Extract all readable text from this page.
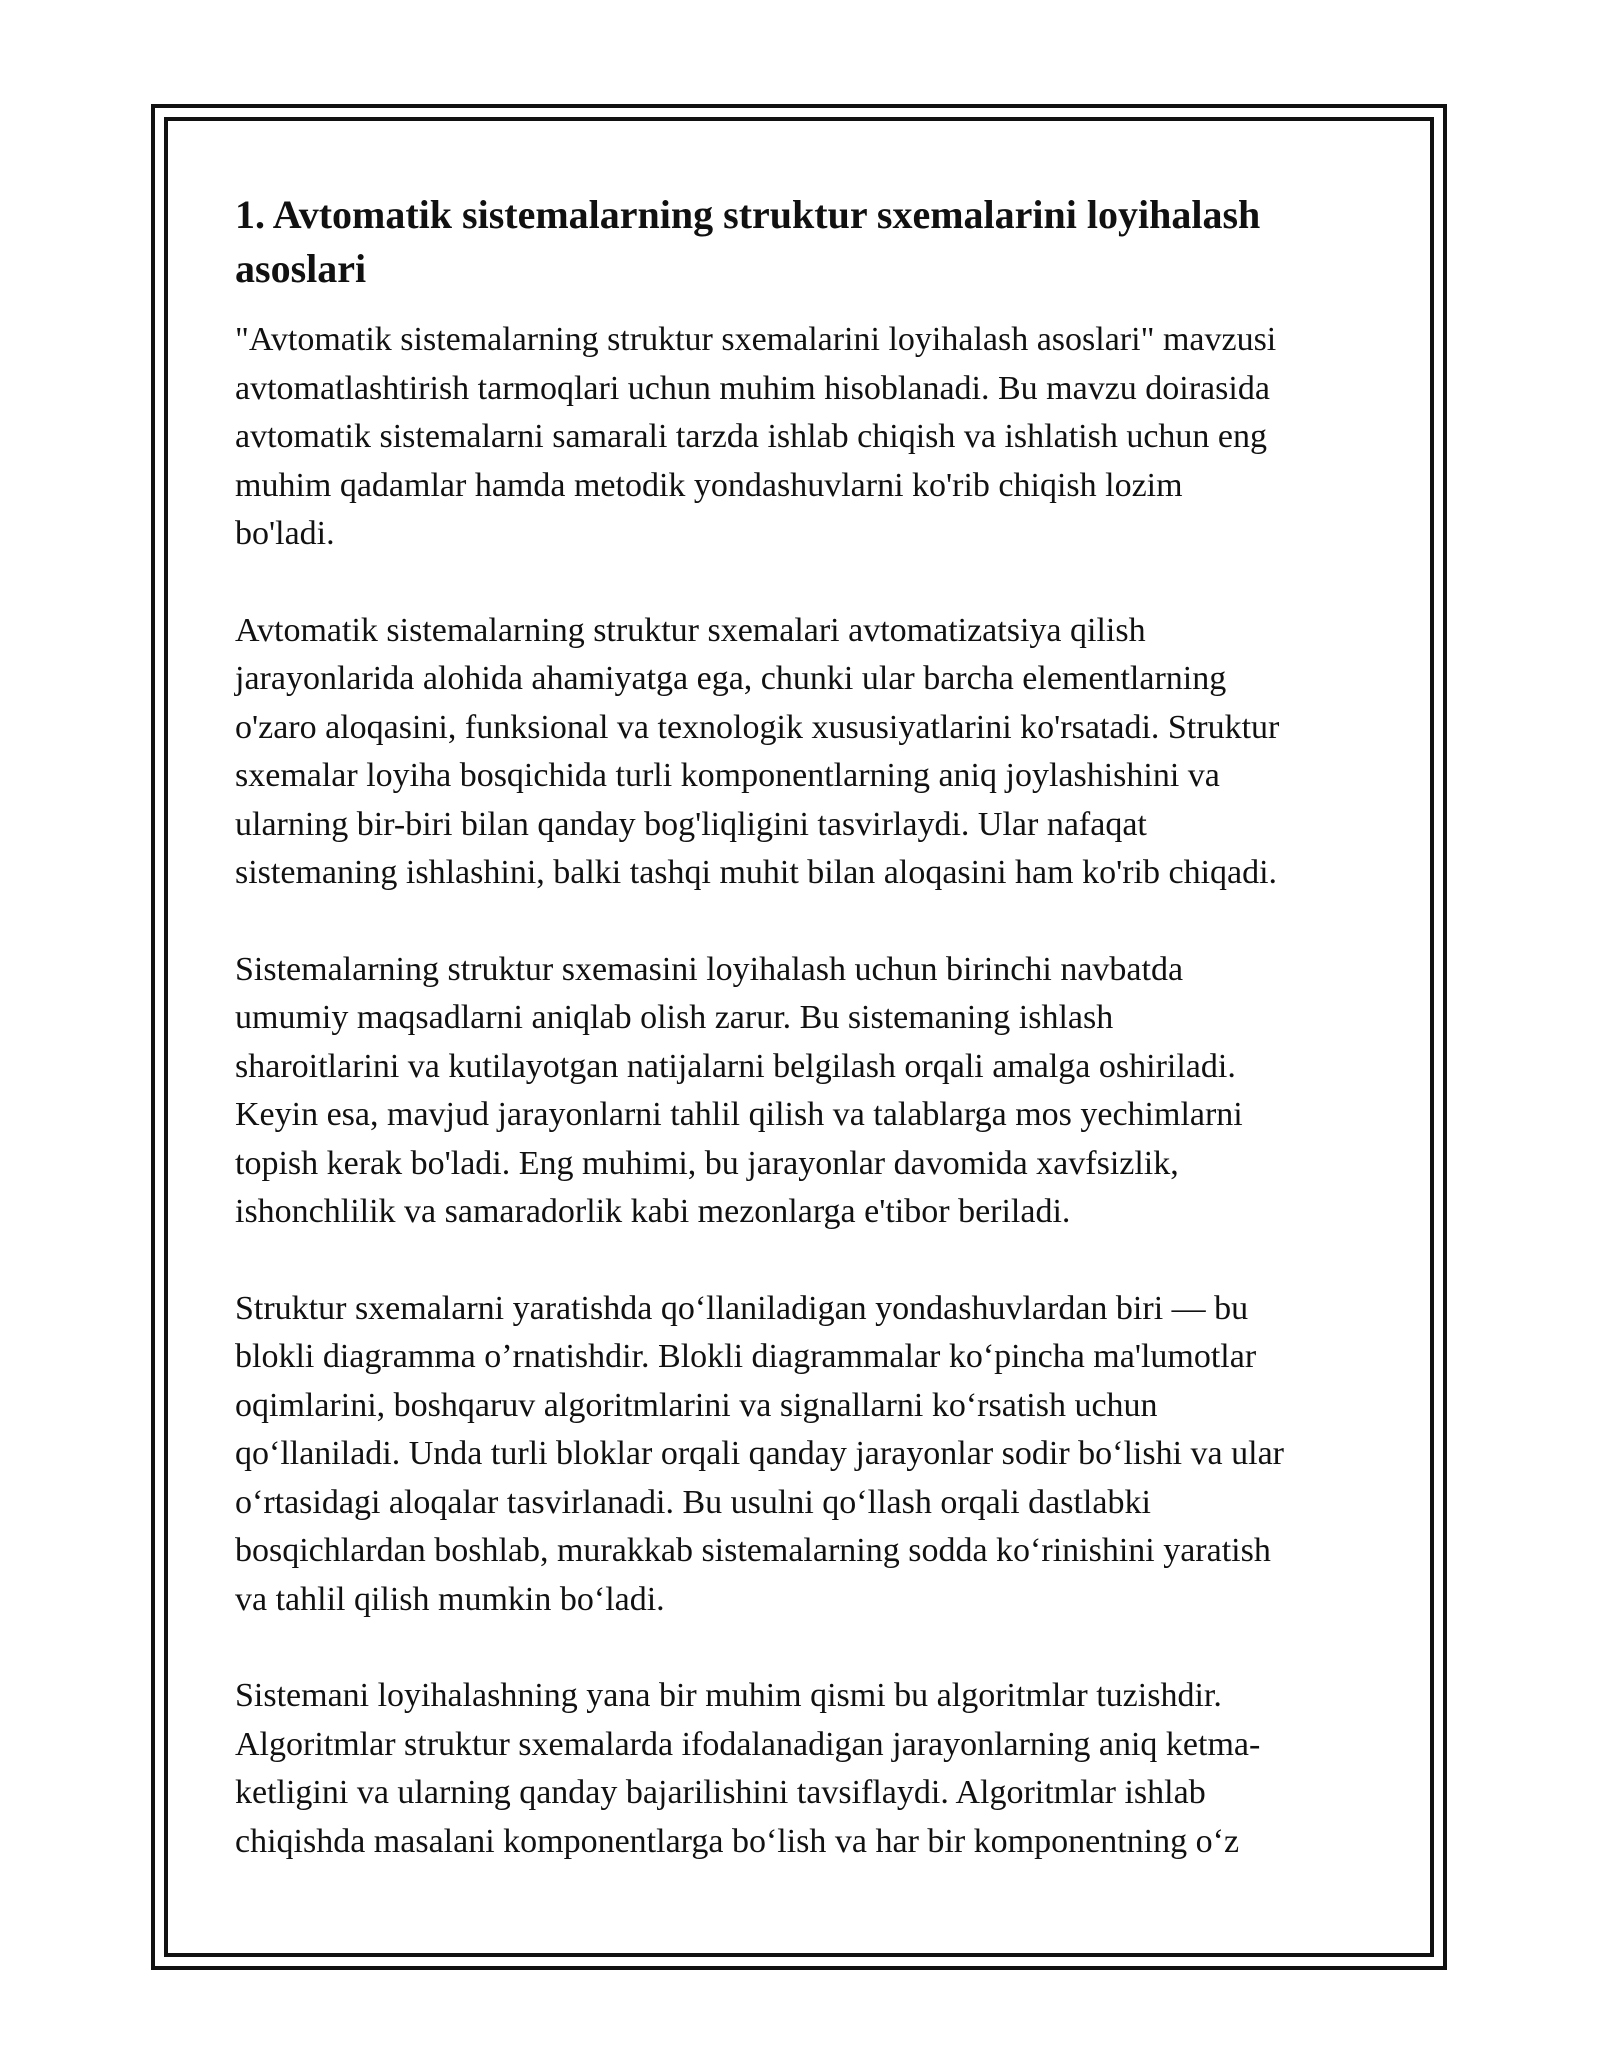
1. Avtomatik sistemalarning struktur sxemalarini loyihalash
asoslari

"Avtomatik sistemalarning struktur sxemalarini loyihalash asoslari" mavzusi
avtomatlashtirish tarmoqlari uchun muhim hisoblanadi. Bu mavzu doirasida
avtomatik sistemalarni samarali tarzda ishlab chiqish va ishlatish uchun eng
muhim qadamlar hamda metodik yondashuvlarni ko'rib chiqish lozim
bo'ladi.

Avtomatik sistemalarning struktur sxemalari avtomatizatsiya qilish
jarayonlarida alohida ahamiyatga ega, chunki ular barcha elementlarning
o'zaro aloqasini, funksional va texnologik xususiyatlarini ko'rsatadi. Struktur
sxemalar loyiha bosqichida turli komponentlarning aniq joylashishini va
ularning bir-biri bilan qanday bog'liqligini tasvirlaydi. Ular nafaqat
sistemaning ishlashini, balki tashqi muhit bilan aloqasini ham ko'rib chiqadi.

Sistemalarning struktur sxemasini loyihalash uchun birinchi navbatda
umumiy maqsadlarni aniqlab olish zarur. Bu sistemaning ishlash
sharoitlarini va kutilayotgan natijalarni belgilash orqali amalga oshiriladi.
Keyin esa, mavjud jarayonlarni tahlil qilish va talablarga mos yechimlarni
topish kerak bo'ladi. Eng muhimi, bu jarayonlar davomida xavfsizlik,
ishonchlilik va samaradorlik kabi mezonlarga e'tibor beriladi.

Struktur sxemalarni yaratishda qo‘llaniladigan yondashuvlardan biri — bu
blokli diagramma o’rnatishdir. Blokli diagrammalar ko‘pincha ma'lumotlar
oqimlarini, boshqaruv algoritmlarini va signallarni ko‘rsatish uchun
qo‘llaniladi. Unda turli bloklar orqali qanday jarayonlar sodir bo‘lishi va ular
o‘rtasidagi aloqalar tasvirlanadi. Bu usulni qo‘llash orqali dastlabki
bosqichlardan boshlab, murakkab sistemalarning sodda ko‘rinishini yaratish
va tahlil qilish mumkin bo‘ladi.

Sistemani loyihalashning yana bir muhim qismi bu algoritmlar tuzishdir.
Algoritmlar struktur sxemalarda ifodalanadigan jarayonlarning aniq ketma-
ketligini va ularning qanday bajarilishini tavsiflaydi. Algoritmlar ishlab
chiqishda masalani komponentlarga bo‘lish va har bir komponentning o‘z
